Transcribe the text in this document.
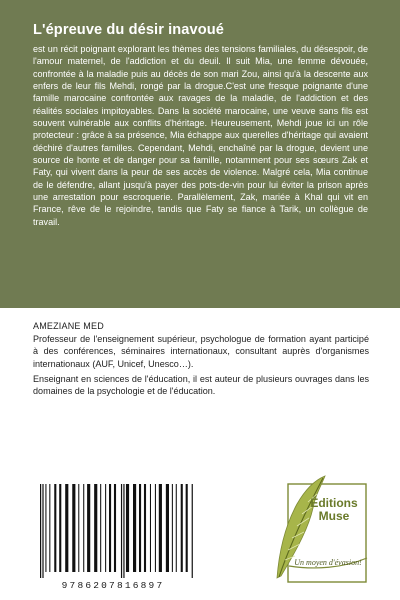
L'épreuve du désir inavoué
est un récit poignant explorant les thèmes des tensions familiales, du désespoir, de l'amour maternel, de l'addiction et du deuil. Il suit Mia, une femme dévouée, confrontée à la maladie puis au décès de son mari Zou, ainsi qu'à la descente aux enfers de leur fils Mehdi, rongé par la drogue.C'est une fresque poignante d'une famille marocaine confrontée aux ravages de la maladie, de l'addiction et des réalités sociales impitoyables. Dans la société marocaine, une veuve sans fils est souvent vulnérable aux conflits d'héritage. Heureusement, Mehdi joue ici un rôle protecteur : grâce à sa présence, Mia échappe aux querelles d'héritage qui avaient déchiré d'autres familles. Cependant, Mehdi, enchaîné par la drogue, devient une source de honte et de danger pour sa famille, notamment pour ses sœurs Zak et Faty, qui vivent dans la peur de ses accès de violence. Malgré cela, Mia continue de le défendre, allant jusqu'à payer des pots-de-vin pour lui éviter la prison après une arrestation pour escroquerie. Parallèlement, Zak, mariée à Khal qui vit en France, rêve de le rejoindre, tandis que Faty se fiance à Tarik, un collègue de travail.
AMEZIANE MED

Professeur de l'enseignement supérieur, psychologue de formation ayant participé à des conférences, séminaires internationaux, consultant auprès d'organismes internationaux (AUF, Unicef, Unesco…).

Enseignant en sciences de l'éducation, il est auteur de plusieurs ouvrages dans les domaines de la psychologie et de l'éducation.

9786207816897
Éditions
Muse
Un moyen d'évasion!
